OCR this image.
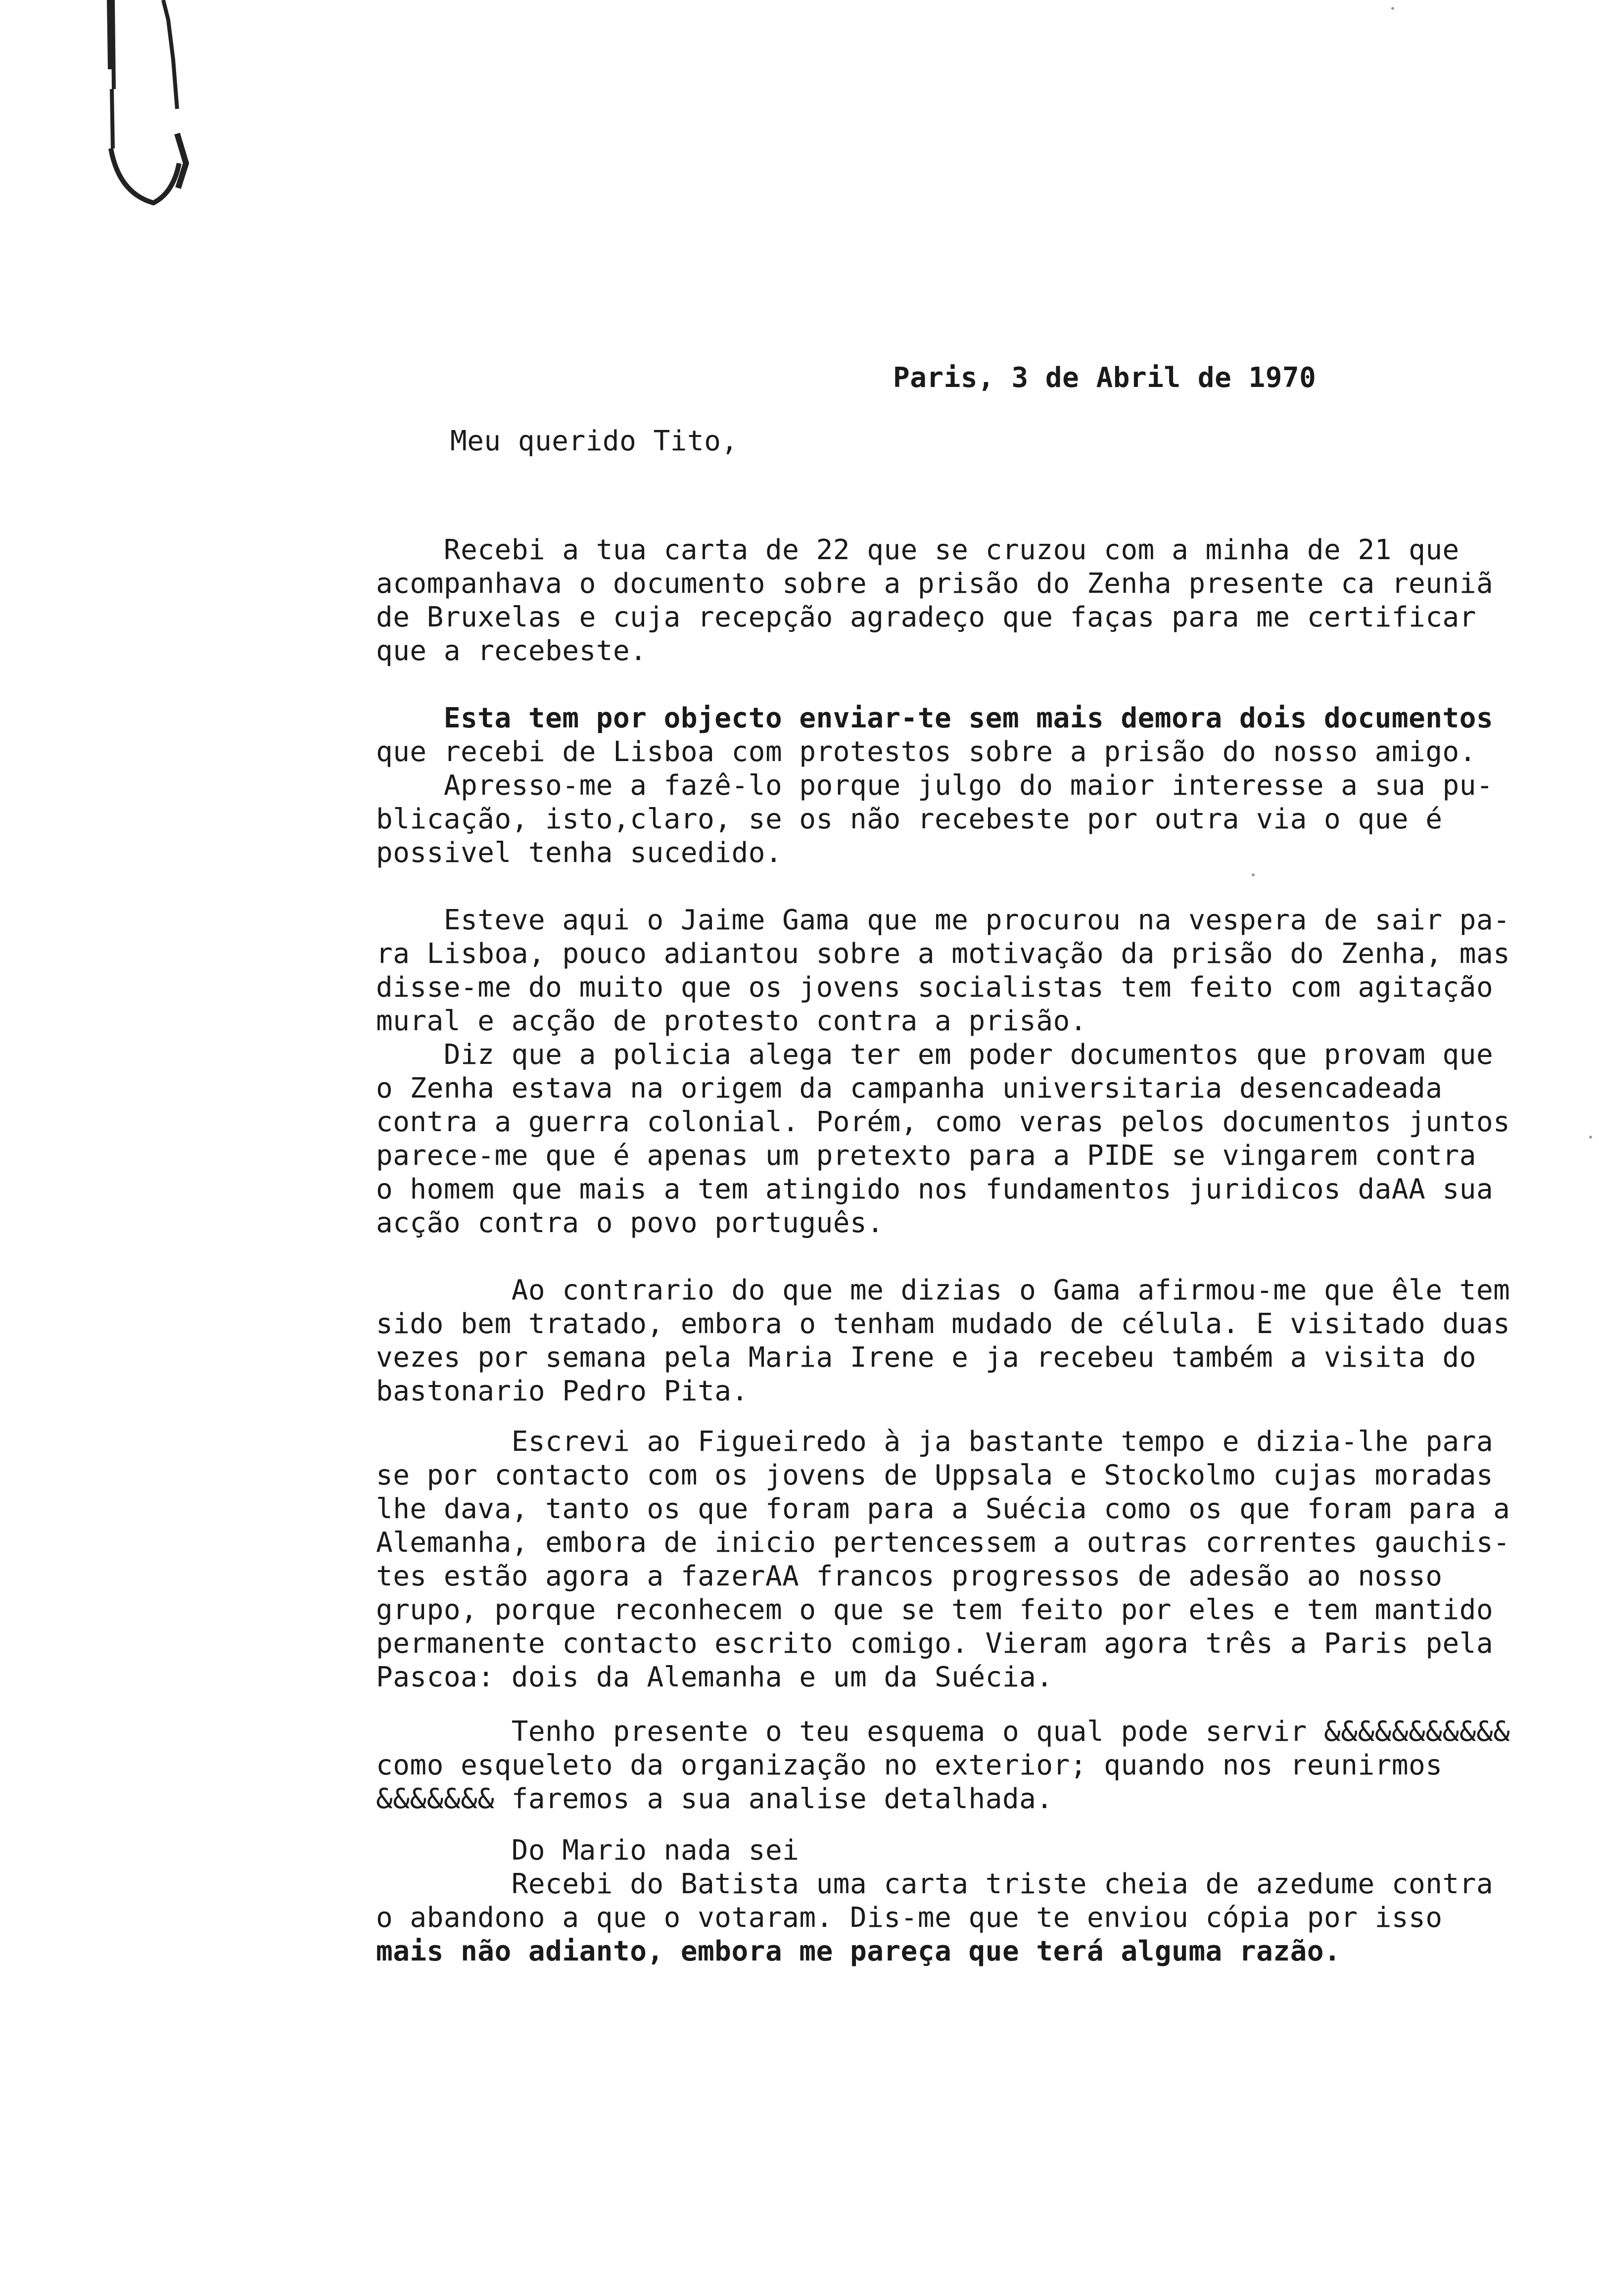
Paris, 3 de Abril de 1970
Meu querido Tito,
Recebi a tua carta de 22 que se cruzou com a minha de 21 que
acompanhava o documento sobre a prisão do Zenha presente ca reuniã
de Bruxelas e cuja recepção agradeço que faças para me certificar
que a recebeste.
Esta tem por objecto enviar-te sem mais demora dois documentos
que recebi de Lisboa com protestos sobre a prisão do nosso amigo.
Apresso-me a fazê-lo porque julgo do maior interesse a sua pu-
blicação, isto,claro, se os não recebeste por outra via o que é
possivel tenha sucedido.
Esteve aqui o Jaime Gama que me procurou na vespera de sair pa-
ra Lisboa, pouco adiantou sobre a motivação da prisão do Zenha, mas
disse-me do muito que os jovens socialistas tem feito com agitação
mural e acção de protesto contra a prisão.
Diz que a policia alega ter em poder documentos que provam que
o Zenha estava na origem da campanha universitaria desencadeada
contra a guerra colonial. Porém, como veras pelos documentos juntos
parece-me que é apenas um pretexto para a PIDE se vingarem contra
o homem que mais a tem atingido nos fundamentos juridicos daAA sua
acção contra o povo português.
Ao contrario do que me dizias o Gama afirmou-me que êle tem
sido bem tratado, embora o tenham mudado de célula. E visitado duas
vezes por semana pela Maria Irene e ja recebeu também a visita do
bastonario Pedro Pita.
Escrevi ao Figueiredo à ja bastante tempo e dizia-lhe para
se por contacto com os jovens de Uppsala e Stockolmo cujas moradas
lhe dava, tanto os que foram para a Suécia como os que foram para a
Alemanha, embora de inicio pertencessem a outras correntes gauchis-
tes estão agora a fazerAA francos progressos de adesão ao nosso
grupo, porque reconhecem o que se tem feito por eles e tem mantido
permanente contacto escrito comigo. Vieram agora três a Paris pela
Pascoa: dois da Alemanha e um da Suécia.
Tenho presente o teu esquema o qual pode servir &&&&&&&&&&&
como esqueleto da organização no exterior; quando nos reunirmos
&&&&&&& faremos a sua analise detalhada.
Do Mario nada sei
Recebi do Batista uma carta triste cheia de azedume contra
o abandono a que o votaram. Dis-me que te enviou cópia por isso
mais não adianto, embora me pareça que terá alguma razão.
